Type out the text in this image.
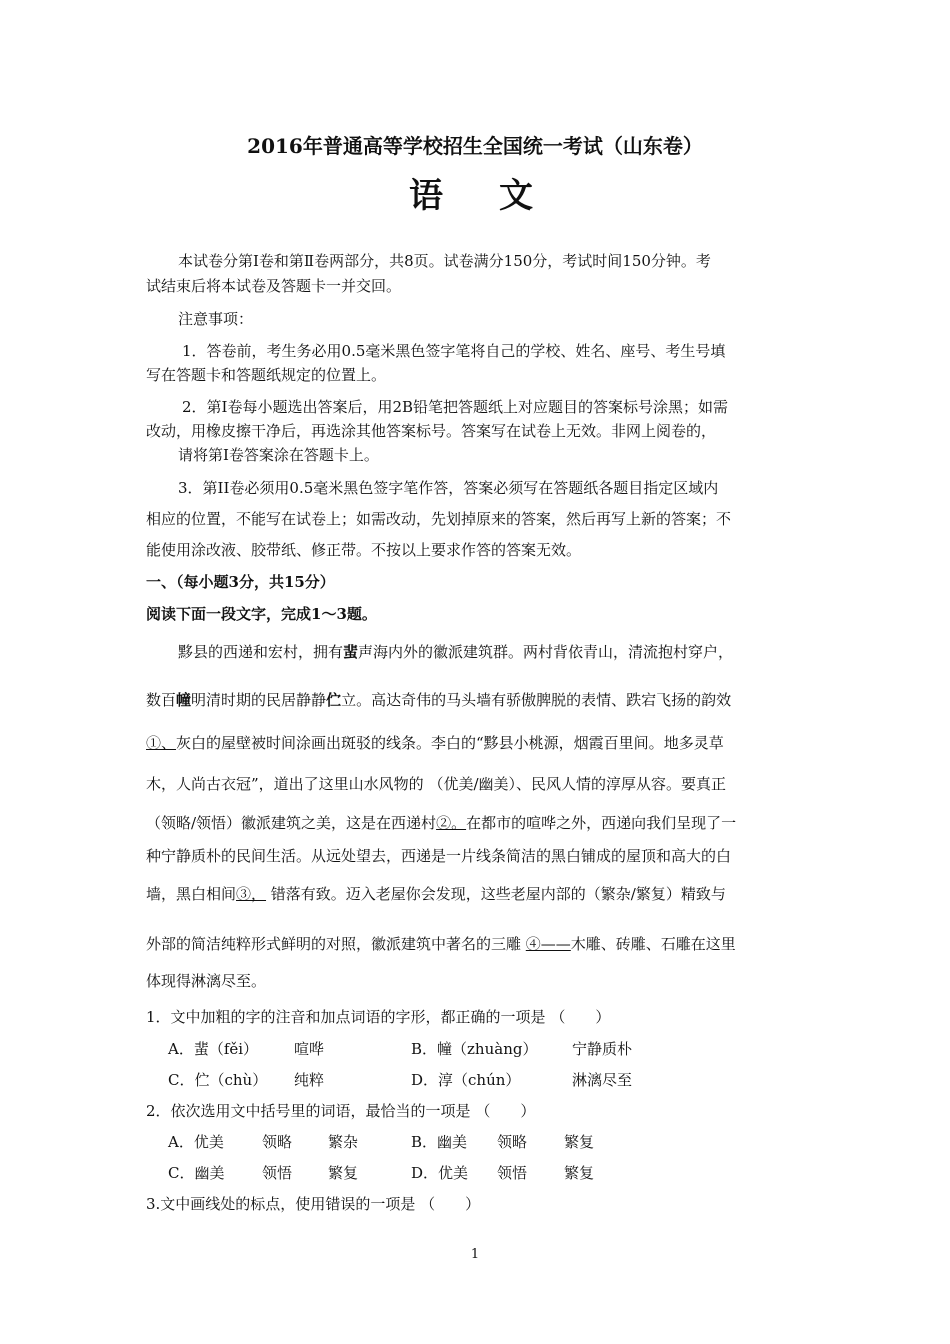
2016年普通高等学校招生全国统一考试（山东卷）
语文
本试卷分第Ⅰ卷和第Ⅱ卷两部分，共8页。试卷满分150分，考试时间150分钟。考
试结束后将本试卷及答题卡一并交回。
注意事项：
1．答卷前，考生务必用0.5毫米黑色签字笔将自己的学校、姓名、座号、考生号填
写在答题卡和答题纸规定的位置上。
2．第Ⅰ卷每小题选出答案后，用2B铅笔把答题纸上对应题目的答案标号涂黑；如需
改动，用橡皮擦干净后，再选涂其他答案标号。答案写在试卷上无效。非网上阅卷的，
请将第Ⅰ卷答案涂在答题卡上。
3．第II卷必须用0.5毫米黑色签字笔作答，答案必须写在答题纸各题目指定区域内
相应的位置，不能写在试卷上；如需改动，先划掉原来的答案，然后再写上新的答案；不
能使用涂改液、胶带纸、修正带。不按以上要求作答的答案无效。
一、（每小题3分，共15分）
阅读下面一段文字，完成1～3题。
黟县的西递和宏村，拥有蜚声海内外的徽派建筑群。两村背依青山，清流抱村穿户，
数百幢明清时期的民居静静伫立。高达奇伟的马头墙有骄傲脾脱的表情、跌宕飞扬的韵效
①、灰白的屋壁被时间涂画出斑驳的线条。李白的“黟县小桃源，烟霞百里间。地多灵草
木，人尚古衣冠”，道出了这里山水风物的 （优美/幽美）、民风人情的淳厚从容。要真正
（领略/领悟）徽派建筑之美，这是在西递村②。在都市的喧哗之外，西递向我们呈现了一
种宁静质朴的民间生活。从远处望去，西递是一片线条简洁的黑白铺成的屋顶和高大的白
墙，黑白相间③， 错落有致。迈入老屋你会发现，这些老屋内部的（繁杂/繁复）精致与
外部的简洁纯粹形式鲜明的对照，徽派建筑中著名的三雕 ④——木雕、砖雕、石雕在这里
体现得淋漓尽至。
1．文中加粗的字的注音和加点词语的字形，都正确的一项是 （　　）
A．蜚（fěi） 喧哗	B．幢（zhuàng） 宁静质朴
C．伫（chù） 纯粹	D．淳（chún）	淋漓尽至
2．依次选用文中括号里的词语，最恰当的一项是 （　　）
A．优美	领略 繁杂	B．幽美 领略 繁复
C．幽美	领悟 繁复	D．优美 领悟 繁复
3.文中画线处的标点，使用错误的一项是 （　　）
1
